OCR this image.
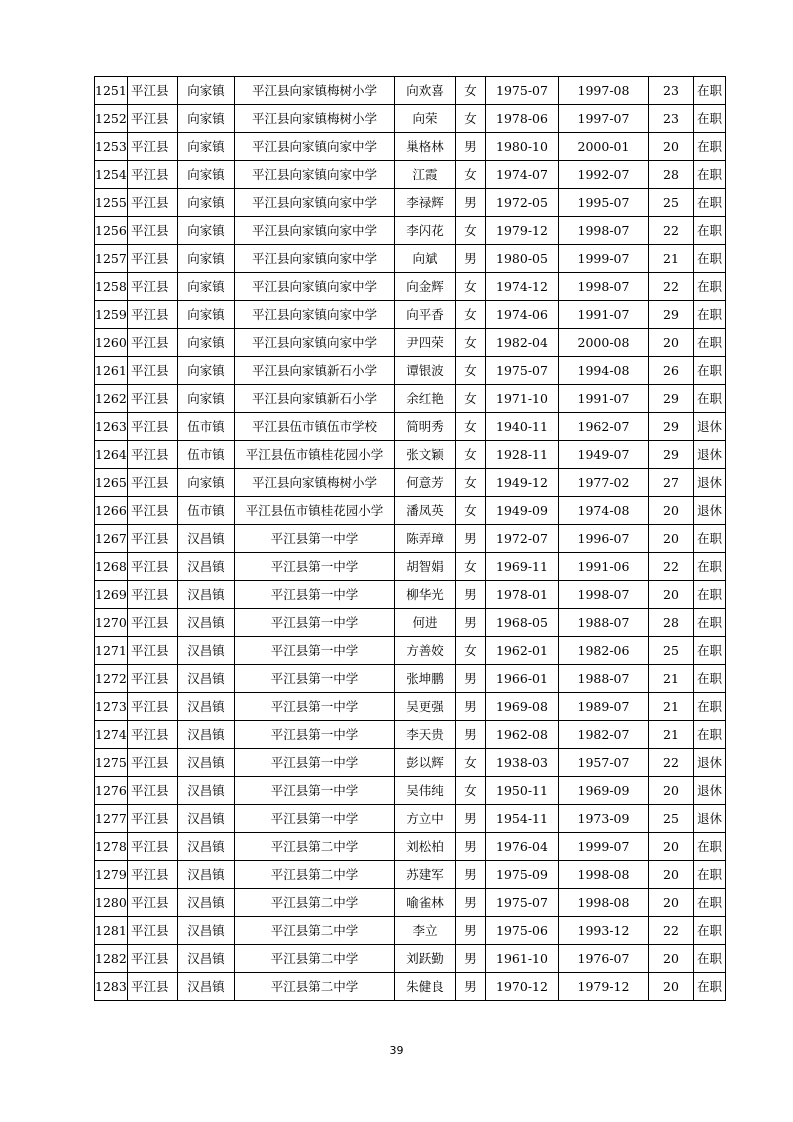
1251	平江县	向家镇	平江县向家镇梅树小学	向欢喜	女	1975-07	1997-08	23	在职
1252	平江县	向家镇	平江县向家镇梅树小学	向荣	女	1978-06	1997-07	23	在职
1253	平江县	向家镇	平江县向家镇向家中学	巢格林	男	1980-10	2000-01	20	在职
1254	平江县	向家镇	平江县向家镇向家中学	江霞	女	1974-07	1992-07	28	在职
1255	平江县	向家镇	平江县向家镇向家中学	李禄辉	男	1972-05	1995-07	25	在职
1256	平江县	向家镇	平江县向家镇向家中学	李闪花	女	1979-12	1998-07	22	在职
1257	平江县	向家镇	平江县向家镇向家中学	向斌	男	1980-05	1999-07	21	在职
1258	平江县	向家镇	平江县向家镇向家中学	向金辉	女	1974-12	1998-07	22	在职
1259	平江县	向家镇	平江县向家镇向家中学	向平香	女	1974-06	1991-07	29	在职
1260	平江县	向家镇	平江县向家镇向家中学	尹四荣	女	1982-04	2000-08	20	在职
1261	平江县	向家镇	平江县向家镇新石小学	谭银波	女	1975-07	1994-08	26	在职
1262	平江县	向家镇	平江县向家镇新石小学	余红艳	女	1971-10	1991-07	29	在职
1263	平江县	伍市镇	平江县伍市镇伍市学校	简明秀	女	1940-11	1962-07	29	退休
1264	平江县	伍市镇	平江县伍市镇桂花园小学	张文颖	女	1928-11	1949-07	29	退休
1265	平江县	向家镇	平江县向家镇梅树小学	何意芳	女	1949-12	1977-02	27	退休
1266	平江县	伍市镇	平江县伍市镇桂花园小学	潘凤英	女	1949-09	1974-08	20	退休
1267	平江县	汉昌镇	平江县第一中学	陈弄璋	男	1972-07	1996-07	20	在职
1268	平江县	汉昌镇	平江县第一中学	胡智娟	女	1969-11	1991-06	22	在职
1269	平江县	汉昌镇	平江县第一中学	柳华光	男	1978-01	1998-07	20	在职
1270	平江县	汉昌镇	平江县第一中学	何进	男	1968-05	1988-07	28	在职
1271	平江县	汉昌镇	平江县第一中学	方善姣	女	1962-01	1982-06	25	在职
1272	平江县	汉昌镇	平江县第一中学	张坤鹏	男	1966-01	1988-07	21	在职
1273	平江县	汉昌镇	平江县第一中学	吴更强	男	1969-08	1989-07	21	在职
1274	平江县	汉昌镇	平江县第一中学	李天贵	男	1962-08	1982-07	21	在职
1275	平江县	汉昌镇	平江县第一中学	彭以辉	女	1938-03	1957-07	22	退休
1276	平江县	汉昌镇	平江县第一中学	吴伟纯	女	1950-11	1969-09	20	退休
1277	平江县	汉昌镇	平江县第一中学	方立中	男	1954-11	1973-09	25	退休
1278	平江县	汉昌镇	平江县第二中学	刘松柏	男	1976-04	1999-07	20	在职
1279	平江县	汉昌镇	平江县第二中学	苏建军	男	1975-09	1998-08	20	在职
1280	平江县	汉昌镇	平江县第二中学	喻雀林	男	1975-07	1998-08	20	在职
1281	平江县	汉昌镇	平江县第二中学	李立	男	1975-06	1993-12	22	在职
1282	平江县	汉昌镇	平江县第二中学	刘跃勤	男	1961-10	1976-07	20	在职
1283	平江县	汉昌镇	平江县第二中学	朱健良	男	1970-12	1979-12	20	在职
39
